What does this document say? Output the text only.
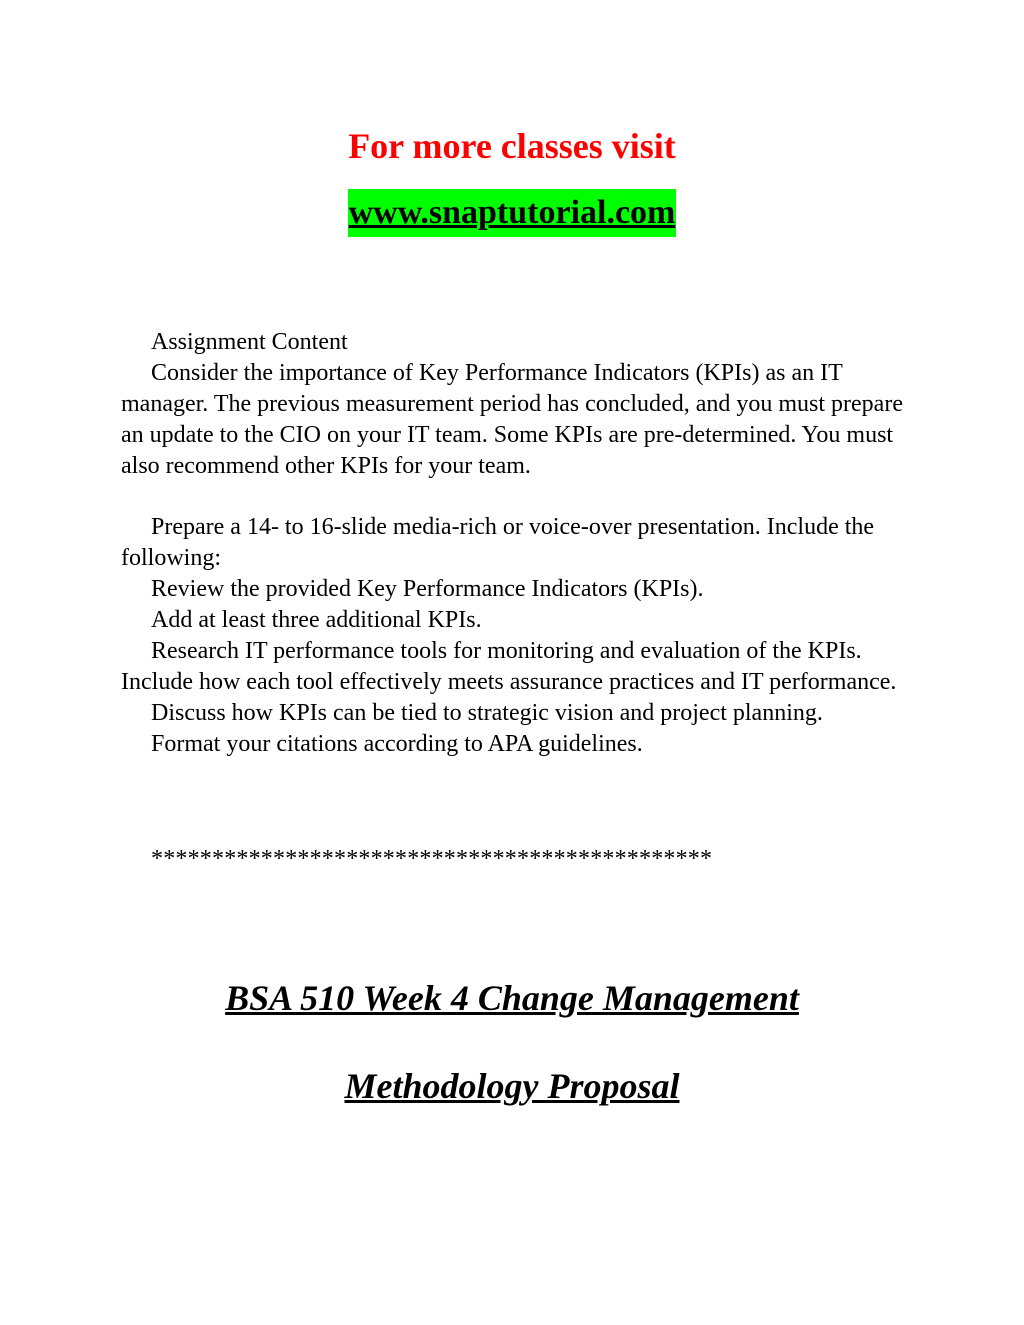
For more classes visit
www.snaptutorial.com

Assignment Content

Consider the importance of Key Performance Indicators (KPIs) as an IT manager. The previous measurement period has concluded, and you must prepare an update to the CIO on your IT team. Some KPIs are pre-determined. You must also recommend other KPIs for your team.

Prepare a 14- to 16-slide media-rich or voice-over presentation. Include the following:

Review the provided Key Performance Indicators (KPIs).

Add at least three additional KPIs.

Research IT performance tools for monitoring and evaluation of the KPIs. Include how each tool effectively meets assurance practices and IT performance.

Discuss how KPIs can be tied to strategic vision and project planning.

Format your citations according to APA guidelines.

**********************************************
BSA 510 Week 4 Change Management
Methodology Proposal
